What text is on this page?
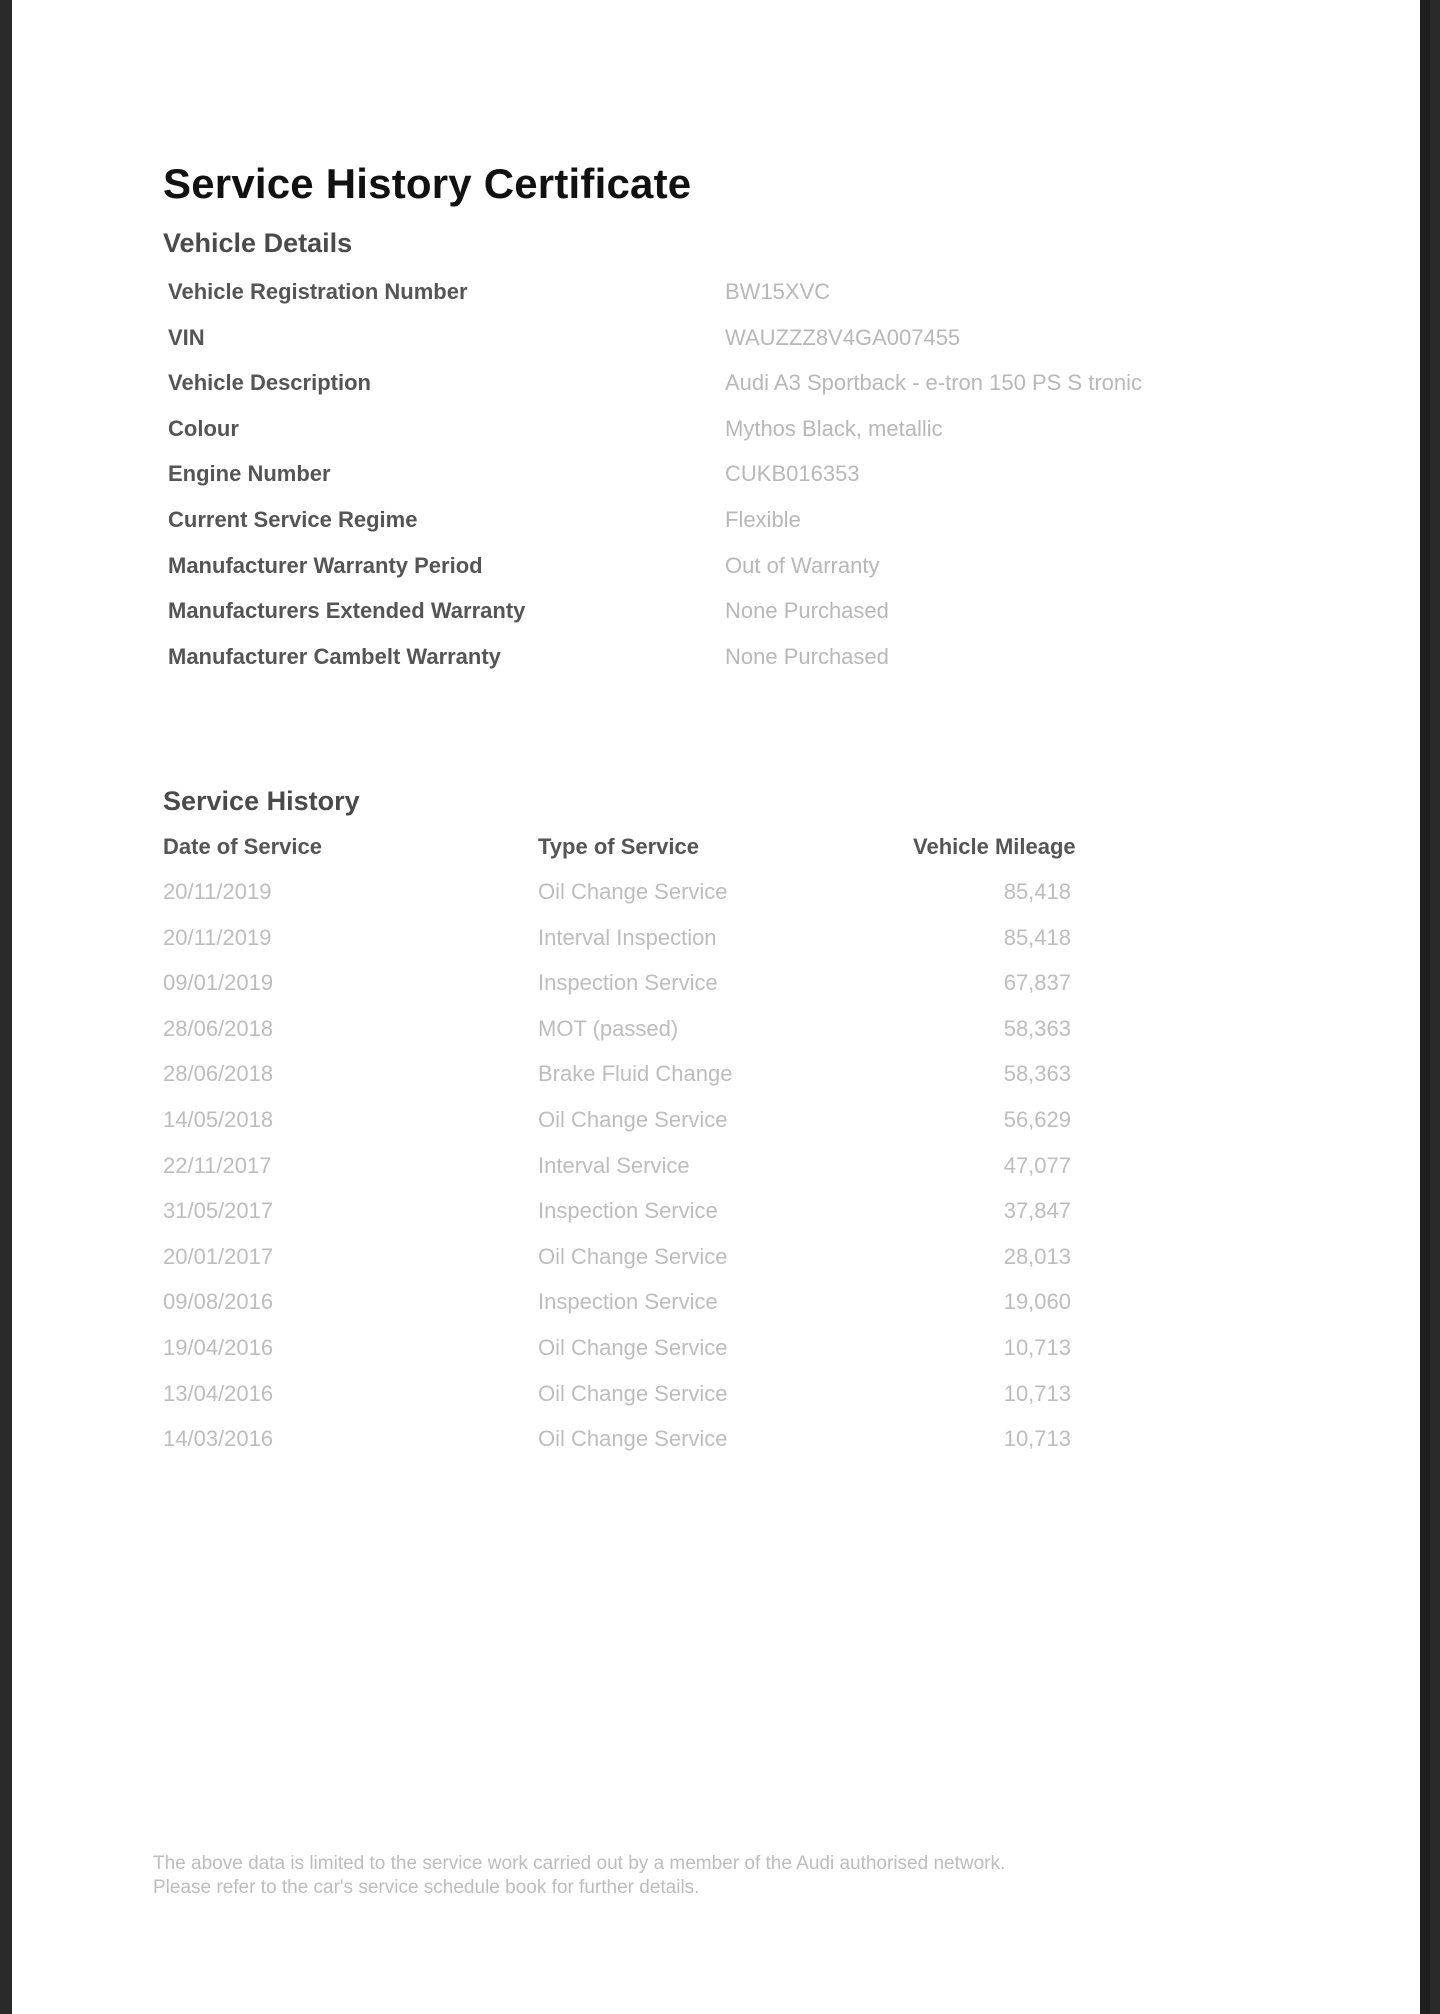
Service History Certificate
Vehicle Details
Vehicle Registration Number	BW15XVC
VIN	WAUZZZ8V4GA007455
Vehicle Description	Audi A3 Sportback - e-tron 150 PS S tronic
Colour	Mythos Black, metallic
Engine Number	CUKB016353
Current Service Regime	Flexible
Manufacturer Warranty Period	Out of Warranty
Manufacturers Extended Warranty	None Purchased
Manufacturer Cambelt Warranty	None Purchased
Service History
Date of Service	Type of Service	Vehicle Mileage
20/11/2019	Oil Change Service	85,418
20/11/2019	Interval Inspection	85,418
09/01/2019	Inspection Service	67,837
28/06/2018	MOT (passed)	58,363
28/06/2018	Brake Fluid Change	58,363
14/05/2018	Oil Change Service	56,629
22/11/2017	Interval Service	47,077
31/05/2017	Inspection Service	37,847
20/01/2017	Oil Change Service	28,013
09/08/2016	Inspection Service	19,060
19/04/2016	Oil Change Service	10,713
13/04/2016	Oil Change Service	10,713
14/03/2016	Oil Change Service	10,713
The above data is limited to the service work carried out by a member of the Audi authorised network.
Please refer to the car's service schedule book for further details.
